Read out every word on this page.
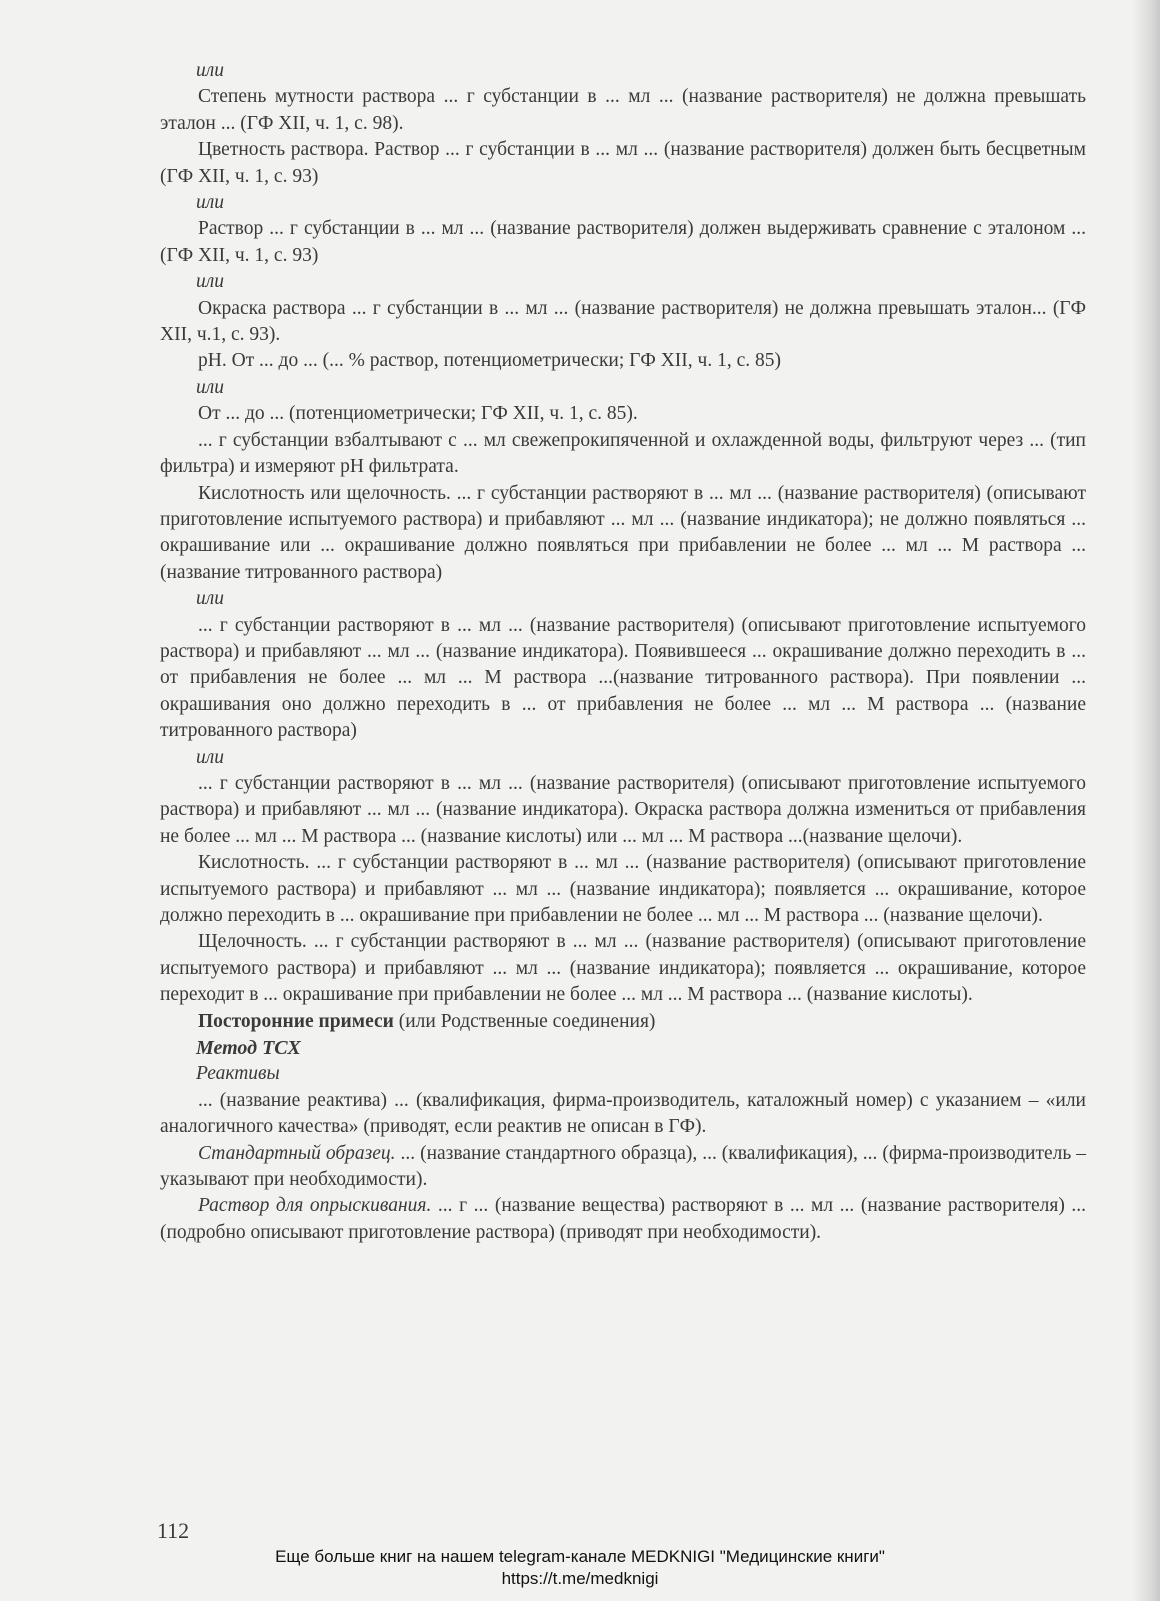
или

Степень мутности раствора ... г субстанции в ... мл ... (название растворителя) не должна превышать эталон ... (ГФ XII, ч. 1, с. 98).

Цветность раствора. Раствор ... г субстанции в ... мл ... (название растворителя) должен быть бесцветным (ГФ XII, ч. 1, с. 93)

или

Раствор ... г субстанции в ... мл ... (название растворителя) должен выдерживать сравнение с эталоном ... (ГФ XII, ч. 1, с. 93)

или

Окраска раствора ... г субстанции в ... мл ... (название растворителя) не должна превышать эталон... (ГФ XII, ч.1, с. 93).

pH. От ... до ... (... % раствор, потенциометрически; ГФ XII, ч. 1, с. 85)

или

От ... до ... (потенциометрически; ГФ XII, ч. 1, с. 85).

... г субстанции взбалтывают с ... мл свежепрокипяченной и охлажденной воды, фильтруют через ... (тип фильтра) и измеряют pH фильтрата.

Кислотность или щелочность. ... г субстанции растворяют в ... мл ... (название растворителя) (описывают приготовление испытуемого раствора) и прибавляют ... мл ... (название индикатора); не должно появляться ... окрашивание или ... окрашивание должно появляться при прибавлении не более ... мл ... М раствора ... (название титрованного раствора)

или

... г субстанции растворяют в ... мл ... (название растворителя) (описывают приготовление испытуемого раствора) и прибавляют ... мл ... (название индикатора). Появившееся ... окрашивание должно переходить в ... от прибавления не более ... мл ... М раствора ...(название титрованного раствора). При появлении ... окрашивания оно должно переходить в ... от прибавления не более ... мл ... М раствора ... (название титрованного раствора)

или

... г субстанции растворяют в ... мл ... (название растворителя) (описывают приготовление испытуемого раствора) и прибавляют ... мл ... (название индикатора). Окраска раствора должна измениться от прибавления не более ... мл ... М раствора ... (название кислоты) или ... мл ... М раствора ...(название щелочи).

Кислотность. ... г субстанции растворяют в ... мл ... (название растворителя) (описывают приготовление испытуемого раствора) и прибавляют ... мл ... (название индикатора); появляется ... окрашивание, которое должно переходить в ... окрашивание при прибавлении не более ... мл ... М раствора ... (название щелочи).

Щелочность. ... г субстанции растворяют в ... мл ... (название растворителя) (описывают приготовление испытуемого раствора) и прибавляют ... мл ... (название индикатора); появляется ... окрашивание, которое переходит в ... окрашивание при прибавлении не более ... мл ... М раствора ... (название кислоты).

Посторонние примеси (или Родственные соединения)

Метод ТСХ

Реактивы

... (название реактива) ... (квалификация, фирма-производитель, каталожный номер) с указанием – «или аналогичного качества» (приводят, если реактив не описан в ГФ).

Стандартный образец. ... (название стандартного образца), ... (квалификация), ... (фирма-производитель – указывают при необходимости).

Раствор для опрыскивания. ... г ... (название вещества) растворяют в ... мл ... (название растворителя) ... (подробно описывают приготовление раствора) (приводят при необходимости).

112
Еще больше книг на нашем telegram-канале MEDKNIGI "Медицинские книги"
https://t.me/medknigi
